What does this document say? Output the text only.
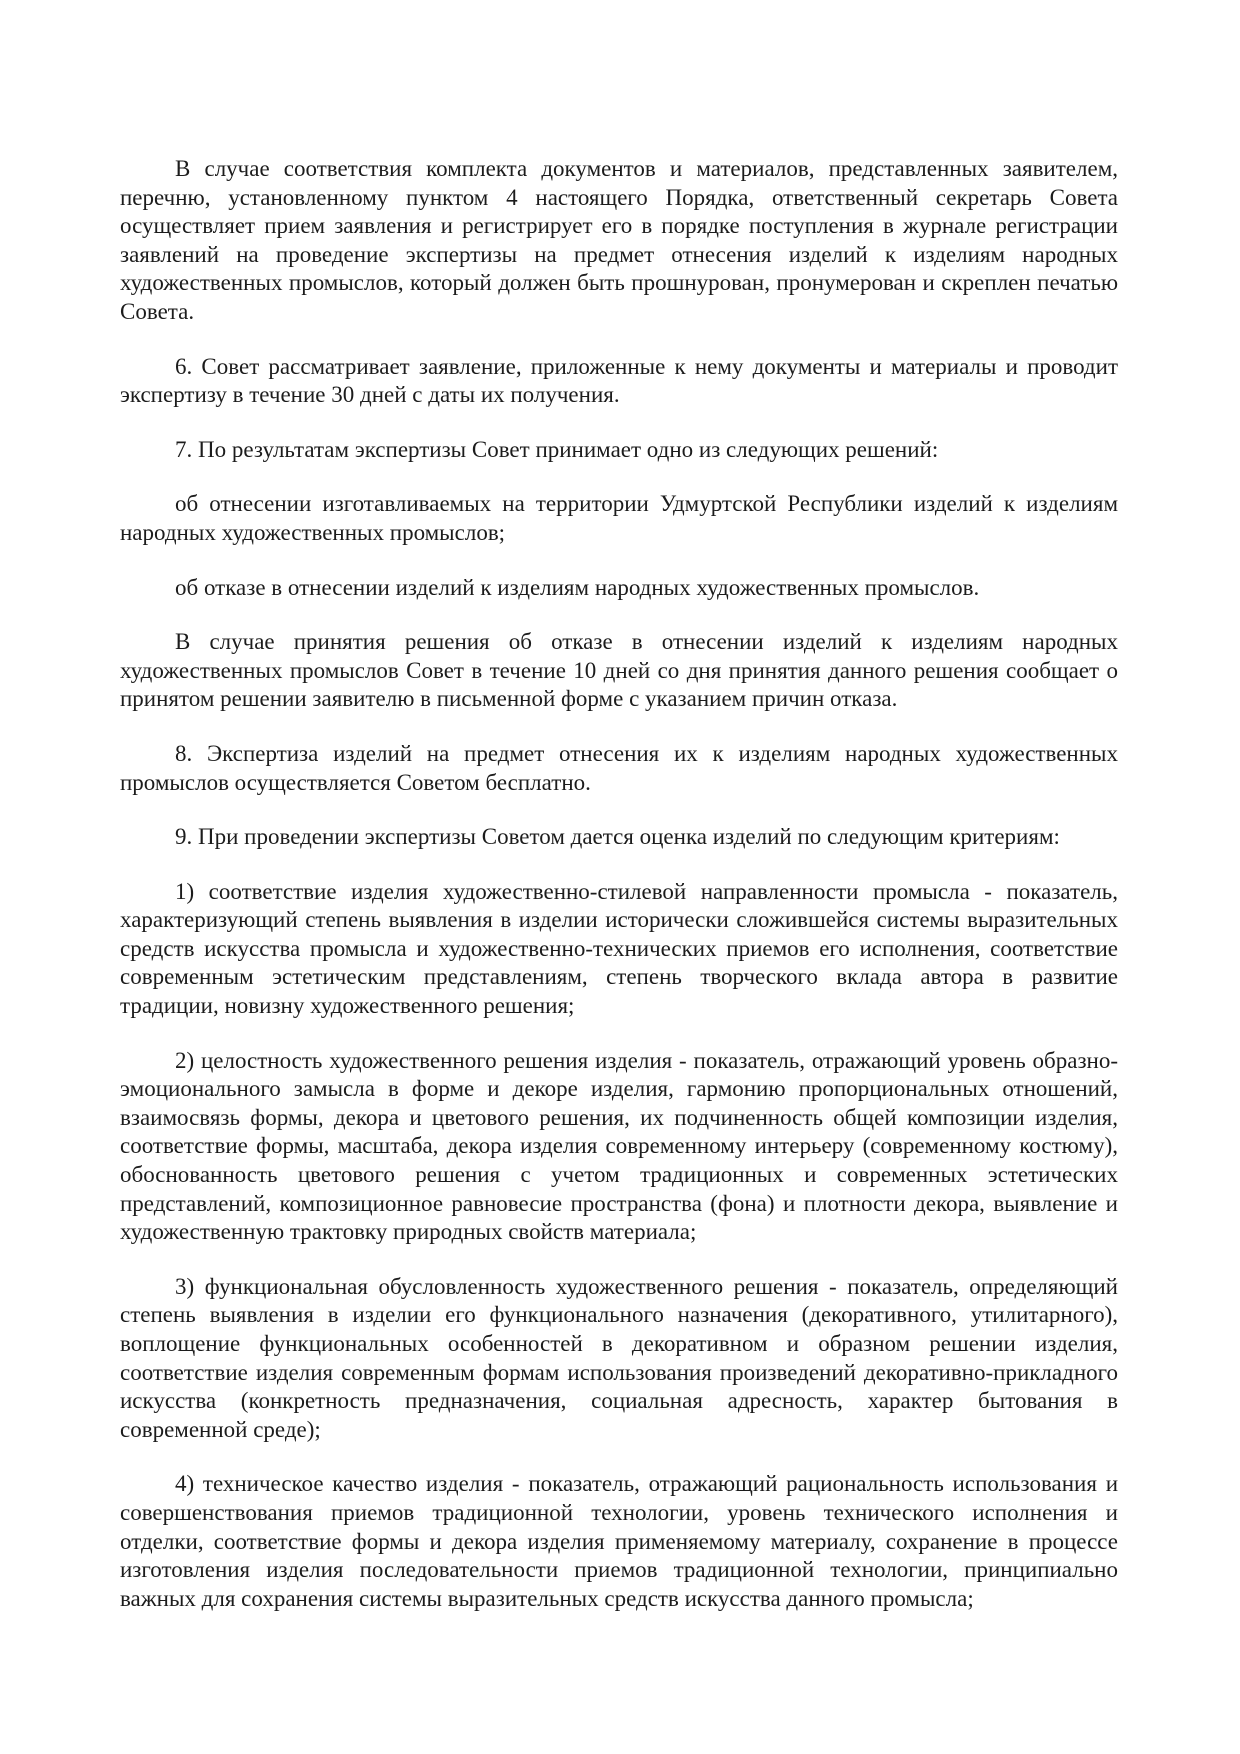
В случае соответствия комплекта документов и материалов, представленных заявителем, перечню, установленному пунктом 4 настоящего Порядка, ответственный секретарь Совета осуществляет прием заявления и регистрирует его в порядке поступления в журнале регистрации заявлений на проведение экспертизы на предмет отнесения изделий к изделиям народных художественных промыслов, который должен быть прошнурован, пронумерован и скреплен печатью Совета.

6. Совет рассматривает заявление, приложенные к нему документы и материалы и проводит экспертизу в течение 30 дней с даты их получения.

7. По результатам экспертизы Совет принимает одно из следующих решений:

об отнесении изготавливаемых на территории Удмуртской Республики изделий к изделиям народных художественных промыслов;

об отказе в отнесении изделий к изделиям народных художественных промыслов.

В случае принятия решения об отказе в отнесении изделий к изделиям народных художественных промыслов Совет в течение 10 дней со дня принятия данного решения сообщает о принятом решении заявителю в письменной форме с указанием причин отказа.

8. Экспертиза изделий на предмет отнесения их к изделиям народных художественных промыслов осуществляется Советом бесплатно.

9. При проведении экспертизы Советом дается оценка изделий по следующим критериям:

1) соответствие изделия художественно-стилевой направленности промысла - показатель, характеризующий степень выявления в изделии исторически сложившейся системы выразительных средств искусства промысла и художественно-технических приемов его исполнения, соответствие современным эстетическим представлениям, степень творческого вклада автора в развитие традиции, новизну художественного решения;

2) целостность художественного решения изделия - показатель, отражающий уровень образно-эмоционального замысла в форме и декоре изделия, гармонию пропорциональных отношений, взаимосвязь формы, декора и цветового решения, их подчиненность общей композиции изделия, соответствие формы, масштаба, декора изделия современному интерьеру (современному костюму), обоснованность цветового решения с учетом традиционных и современных эстетических представлений, композиционное равновесие пространства (фона) и плотности декора, выявление и художественную трактовку природных свойств материала;

3) функциональная обусловленность художественного решения - показатель, определяющий степень выявления в изделии его функционального назначения (декоративного, утилитарного), воплощение функциональных особенностей в декоративном и образном решении изделия, соответствие изделия современным формам использования произведений декоративно-прикладного искусства (конкретность предназначения, социальная адресность, характер бытования в современной среде);

4) техническое качество изделия - показатель, отражающий рациональность использования и совершенствования приемов традиционной технологии, уровень технического исполнения и отделки, соответствие формы и декора изделия применяемому материалу, сохранение в процессе изготовления изделия последовательности приемов традиционной технологии, принципиально важных для сохранения системы выразительных средств искусства данного промысла;
